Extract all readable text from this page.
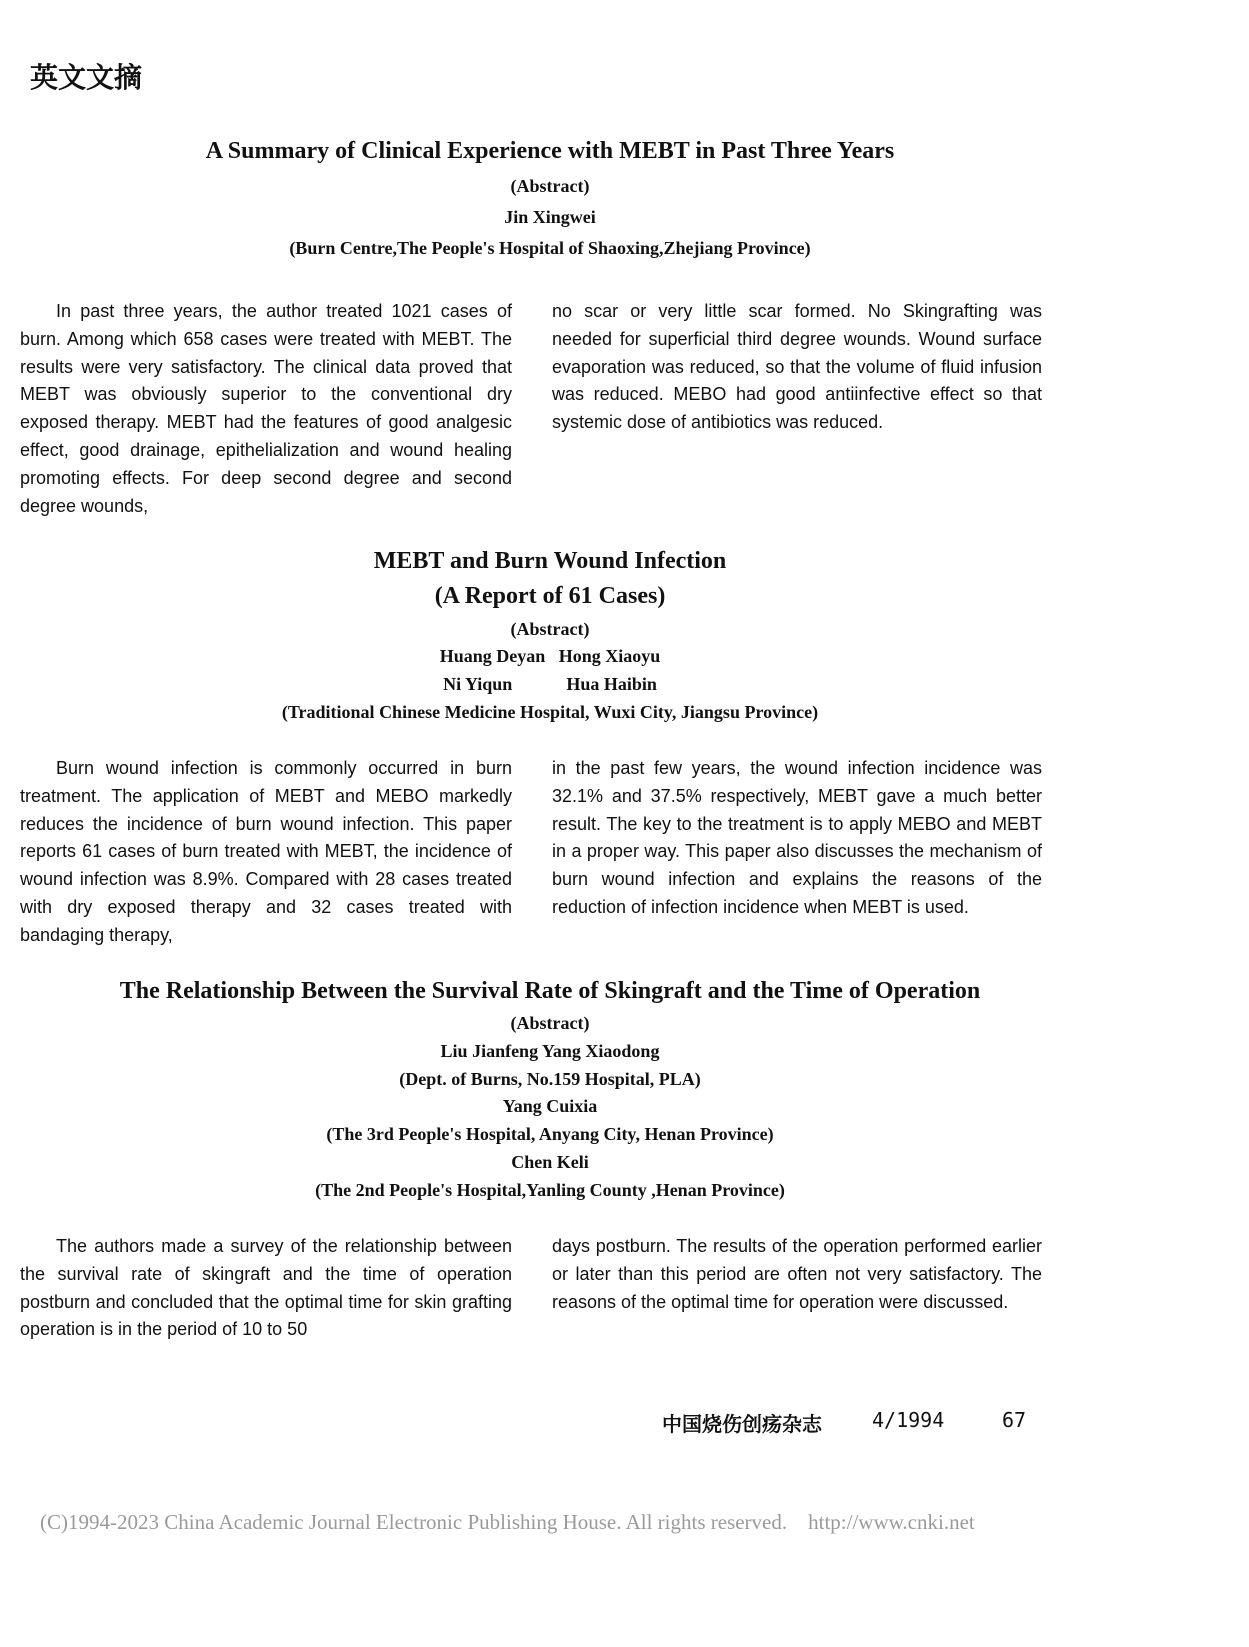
英文文摘
A Summary of Clinical Experience with MEBT in Past Three Years
(Abstract)
Jin Xingwei
(Burn Centre,The People's Hospital of Shaoxing,Zhejiang Province)

In past three years, the author treated 1021 cases of burn. Among which 658 cases were treated with MEBT. The results were very satisfactory. The clinical data proved that MEBT was obviously superior to the conventional dry exposed therapy. MEBT had the features of good analgesic effect, good drainage, epithelialization and wound healing promoting effects. For deep second degree and second degree wounds,

no scar or very little scar formed. No Skingrafting was needed for superficial third degree wounds. Wound surface evaporation was reduced, so that the volume of fluid infusion was reduced. MEBO had good antiinfective effect so that systemic dose of antibiotics was reduced.

MEBT and Burn Wound Infection
(A Report of 61 Cases)
(Abstract)
Huang Deyan   Hong Xiaoyu
Ni Yiqun            Hua Haibin
(Traditional Chinese Medicine Hospital, Wuxi City, Jiangsu Province)

Burn wound infection is commonly occurred in burn treatment. The application of MEBT and MEBO markedly reduces the incidence of burn wound infection. This paper reports 61 cases of burn treated with MEBT, the incidence of wound infection was 8.9%. Compared with 28 cases treated with dry exposed therapy and 32 cases treated with bandaging therapy,

in the past few years, the wound infection incidence was 32.1% and 37.5% respectively, MEBT gave a much better result. The key to the treatment is to apply MEBO and MEBT in a proper way. This paper also discusses the mechanism of burn wound infection and explains the reasons of the reduction of infection incidence when MEBT is used.

The Relationship Between the Survival Rate of Skingraft and the Time of Operation
(Abstract)
Liu Jianfeng Yang Xiaodong
(Dept. of Burns, No.159 Hospital, PLA)
Yang Cuixia
(The 3rd People's Hospital, Anyang City, Henan Province)
Chen Keli
(The 2nd People's Hospital,Yanling County ,Henan Province)

The authors made a survey of the relationship between the survival rate of skingraft and the time of operation postburn and concluded that the optimal time for skin grafting operation is in the period of 10 to 50

days postburn. The results of the operation performed earlier or later than this period are often not very satisfactory. The reasons of the optimal time for operation were discussed.

中国烧伤创疡杂志	4/1994	67
(C)1994-2023 China Academic Journal Electronic Publishing House. All rights reserved.    http://www.cnki.net
